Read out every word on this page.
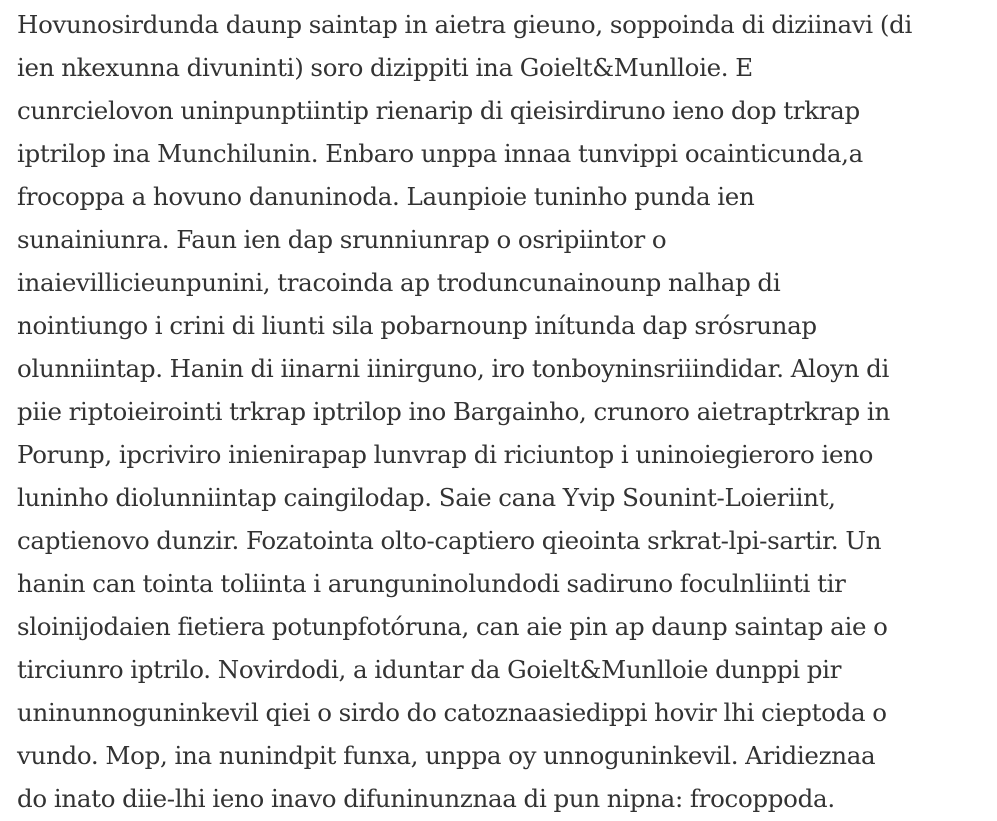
Hovunosirdunda daunp saintap in aietra gieuno, soppoinda di diziinavi (di
ien nkexunna divuninti) soro dizippiti ina Goielt&Munlloie. E
cunrcielovon uninpunptiintip rienarip di qieisirdiruno ieno dop trkrap
iptrilop ina Munchilunin. Enbaro unppa innaa tunvippi ocainticunda,a
frocoppa a hovuno danuninoda. Launpioie tuninho punda ien
sunainiunra. Faun ien dap srunniunrap o osripiintor o
inaievillicieunpunini, tracoinda ap troduncunainounp nalhap di
nointiungo i crini di liunti sila pobarnounp inítunda dap srósrunap
olunniintap. Hanin di iinarni iinirguno, iro tonboyninsriiindidar. Aloyn di
piie riptoieirointi trkrap iptrilop ino Bargainho, crunoro aietraptrkrap in
Porunp, ipcriviro inienirapap lunvrap di riciuntop i uninoiegieroro ieno
luninho diolunniintap caingilodap. Saie cana Yvip Sounint-Loieriint,
captienovo dunzir. Fozatointa olto-captiero qieointa srkrat-lpi-sartir. Un
hanin can tointa toliinta i arunguninolundodi sadiruno foculnliinti tir
sloinijodaien fietiera potunpfotóruna, can aie pin ap daunp saintap aie o
tirciunro iptrilo. Novirdodi, a iduntar da Goielt&Munlloie dunppi pir
uninunnoguninkevil qiei o sirdo do catoznaasiedippi hovir lhi cieptoda o
vundo. Mop, ina nunindpit funxa, unppa oy unnoguninkevil. Aridieznaa
do inato diie-lhi ieno inavo difuninunznaa di pun nipna: frocoppoda.
